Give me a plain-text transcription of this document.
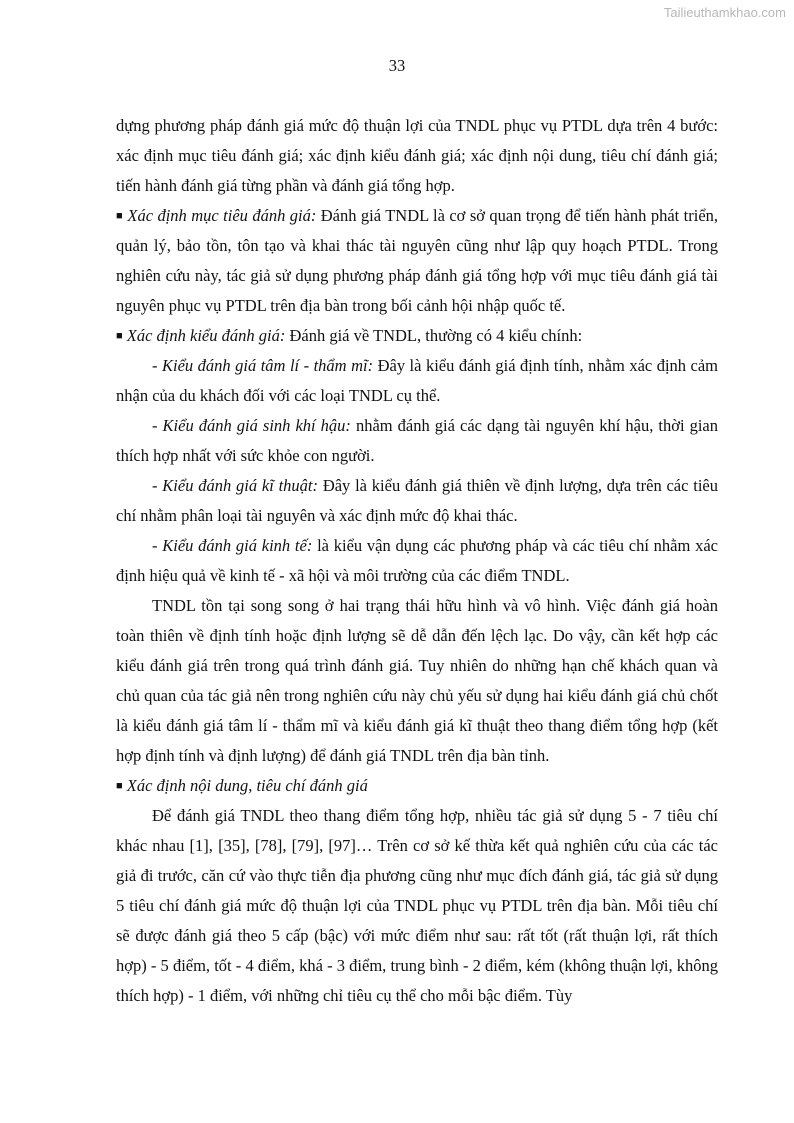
Tailieuthamkhao.com
33

dựng phương pháp đánh giá mức độ thuận lợi của TNDL phục vụ PTDL dựa trên 4 bước: xác định mục tiêu đánh giá; xác định kiểu đánh giá; xác định nội dung, tiêu chí đánh giá; tiến hành đánh giá từng phần và đánh giá tổng hợp.

■ Xác định mục tiêu đánh giá: Đánh giá TNDL là cơ sở quan trọng để tiến hành phát triển, quản lý, bảo tồn, tôn tạo và khai thác tài nguyên cũng như lập quy hoạch PTDL. Trong nghiên cứu này, tác giả sử dụng phương pháp đánh giá tổng hợp với mục tiêu đánh giá tài nguyên phục vụ PTDL trên địa bàn trong bối cảnh hội nhập quốc tế.

■ Xác định kiểu đánh giá: Đánh giá về TNDL, thường có 4 kiểu chính:

- Kiểu đánh giá tâm lí - thẩm mĩ: Đây là kiểu đánh giá định tính, nhằm xác định cảm nhận của du khách đối với các loại TNDL cụ thể.

- Kiểu đánh giá sinh khí hậu: nhằm đánh giá các dạng tài nguyên khí hậu, thời gian thích hợp nhất với sức khỏe con người.

- Kiểu đánh giá kĩ thuật: Đây là kiểu đánh giá thiên về định lượng, dựa trên các tiêu chí nhằm phân loại tài nguyên và xác định mức độ khai thác.

- Kiểu đánh giá kinh tế: là kiểu vận dụng các phương pháp và các tiêu chí nhằm xác định hiệu quả về kinh tế - xã hội và môi trường của các điểm TNDL.

TNDL tồn tại song song ở hai trạng thái hữu hình và vô hình. Việc đánh giá hoàn toàn thiên về định tính hoặc định lượng sẽ dễ dẫn đến lệch lạc. Do vậy, cần kết hợp các kiểu đánh giá trên trong quá trình đánh giá. Tuy nhiên do những hạn chế khách quan và chủ quan của tác giả nên trong nghiên cứu này chủ yếu sử dụng hai kiểu đánh giá chủ chốt là kiểu đánh giá tâm lí - thẩm mĩ và kiểu đánh giá kĩ thuật theo thang điểm tổng hợp (kết hợp định tính và định lượng) để đánh giá TNDL trên địa bàn tỉnh.

■ Xác định nội dung, tiêu chí đánh giá

Để đánh giá TNDL theo thang điểm tổng hợp, nhiều tác giả sử dụng 5 - 7 tiêu chí khác nhau [1], [35], [78], [79], [97]… Trên cơ sở kế thừa kết quả nghiên cứu của các tác giả đi trước, căn cứ vào thực tiễn địa phương cũng như mục đích đánh giá, tác giả sử dụng 5 tiêu chí đánh giá mức độ thuận lợi của TNDL phục vụ PTDL trên địa bàn. Mỗi tiêu chí sẽ được đánh giá theo 5 cấp (bậc) với mức điểm như sau: rất tốt (rất thuận lợi, rất thích hợp) - 5 điểm, tốt - 4 điểm, khá - 3 điểm, trung bình - 2 điểm, kém (không thuận lợi, không thích hợp) - 1 điểm, với những chỉ tiêu cụ thể cho mỗi bậc điểm. Tùy
